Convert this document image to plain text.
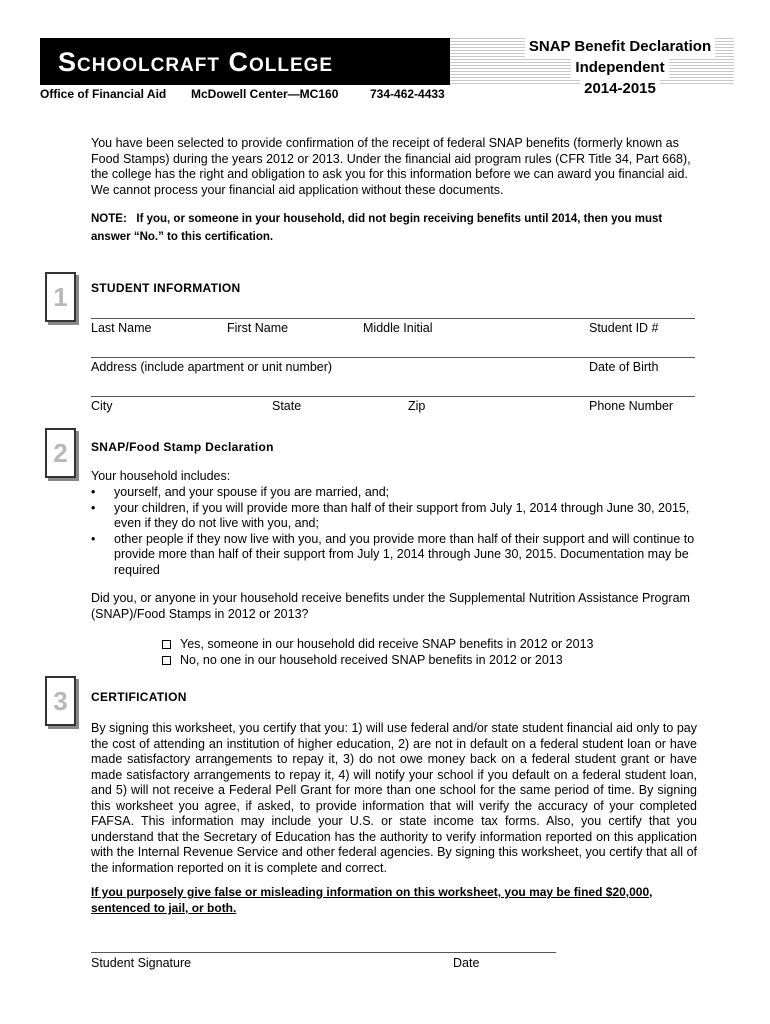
Schoolcraft College
SNAP Benefit Declaration
Independent
2014-2015
Office of Financial Aid McDowell Center—MC160	734-462-4433

You have been selected to provide confirmation of the receipt of federal SNAP benefits (formerly known as Food Stamps) during the years 2012 or 2013. Under the financial aid program rules (CFR Title 34, Part 668), the college has the right and obligation to ask you for this information before we can award you financial aid. We cannot process your financial aid application without these documents.

NOTE: If you, or someone in your household, did not begin receiving benefits until 2014, then you must answer “No.” to this certification.

1	STUDENT INFORMATION
Last Name	First Name	Middle Initial	Student ID #
Address (include apartment or unit number)	Date of Birth
City	State	Zip	Phone Number
2	SNAP/Food Stamp Declaration

Your household includes:

• yourself, and your spouse if you are married, and;
• your children, if you will provide more than half of their support from July 1, 2014 through June 30, 2015, even if they do not live with you, and;
• other people if they now live with you, and you provide more than half of their support and will continue to provide more than half of their support from July 1, 2014 through June 30, 2015. Documentation may be required

Did you, or anyone in your household receive benefits under the Supplemental Nutrition Assistance Program (SNAP)/Food Stamps in 2012 or 2013?

Yes, someone in our household did receive SNAP benefits in 2012 or 2013
No, no one in our household received SNAP benefits in 2012 or 2013
3	CERTIFICATION

By signing this worksheet, you certify that you: 1) will use federal and/or state student financial aid only to pay the cost of attending an institution of higher education, 2) are not in default on a federal student loan or have made satisfactory arrangements to repay it, 3) do not owe money back on a federal student grant or have made satisfactory arrangements to repay it, 4) will notify your school if you default on a federal student loan, and 5) will not receive a Federal Pell Grant for more than one school for the same period of time. By signing this worksheet you agree, if asked, to provide information that will verify the accuracy of your completed FAFSA. This information may include your U.S. or state income tax forms. Also, you certify that you understand that the Secretary of Education has the authority to verify information reported on this application with the Internal Revenue Service and other federal agencies. By signing this worksheet, you certify that all of the information reported on it is complete and correct.

If you purposely give false or misleading information on this worksheet, you may be fined $20,000, sentenced to jail, or both.

Student Signature	Date
